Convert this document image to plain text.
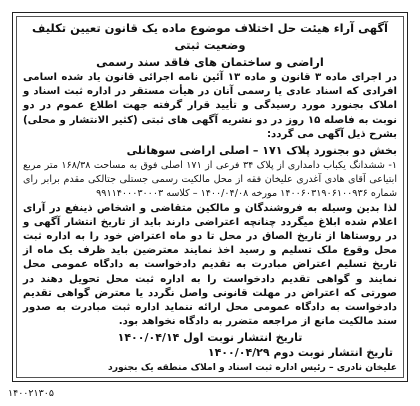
آگهی آراء هیئت حل اختلاف موضوع ماده یک قانون تعیین تکلیف وضعیت ثبتی

اراضی و ساختمان های فاقد سند رسمی

در اجرای ماده ۳ قانون و ماده ۱۳ آئین نامه اجرائی قانون یاد شده اسامی افرادی که اسناد عادی یا رسمی آنان در هیأت مستقر در اداره ثبت اسناد و املاک بجنورد مورد رسیدگی و تأیید قرار گرفته جهت اطلاع عموم در دو نوبت به فاصله ۱۵ روز در دو نشریه آگهی های ثبتی (کثیر الانتشار و محلی) بشرح ذیل آگهی می گردد:

بخش دو بجنورد پلاک ۱۷۱ – اصلی اراضی سوهانلی

۱- ششدانگ یکباب دامداری از پلاک ۳۴ فرعی از ۱۷۱ اصلی فوق به مساحت ۱۶۸/۳۸ متر مربع ابتیاعی آقای هادی آغدری علیخان فقه از محل مالکیت رسمی جستلی جتالکی مقدم برابر رای شماره ۱۴۰۰۶۰۳۱۹۰۶۱۰۰۹۳۶ مورخه ۱۴۰۰/۰۴/۰۸ – کلاسه ۹۹۱۱۴۰۰۰۳۰۰۰۳

لذا بدین وسیله به فروشندگان و مالکین متقاضی و اشخاص ذینفع در آرای اعلام شده ابلاغ میگردد چنانچه اعتراضی دارند باید از تاریخ انتشار آگهی و در روستاها از تاریخ الصاق در محل تا دو ماه اعتراض خود را به اداره ثبت محل وقوع ملک تسلیم و رسید اخذ نمایند معترضین باید ظرف یک ماه از تاریخ تسلیم اعتراض مبادرت به تقدیم دادخواست به دادگاه عمومی محل نمایند و گواهی تقدیم دادخواست را به اداره ثبت محل تحویل دهند در صورتی که اعتراض در مهلت قانونی واصل نگردد یا معترض گواهی تقدیم دادخواست به دادگاه عمومی محل ارائه ننماید اداره ثبت مبادرت به صدور سند مالکیت مانع از مراجعه متضرر به دادگاه نخواهد بود.

تاریخ انتشار نوبت اول ۱۴۰۰/۰۴/۱۴

تاریخ انتشار نوبت دوم ۱۴۰۰/۰۴/۲۹

علیخان نادری – رئیس اداره ثبت اسناد و املاک منطقه یک بجنورد

۱۴۰۰۲۱۳۰۵
